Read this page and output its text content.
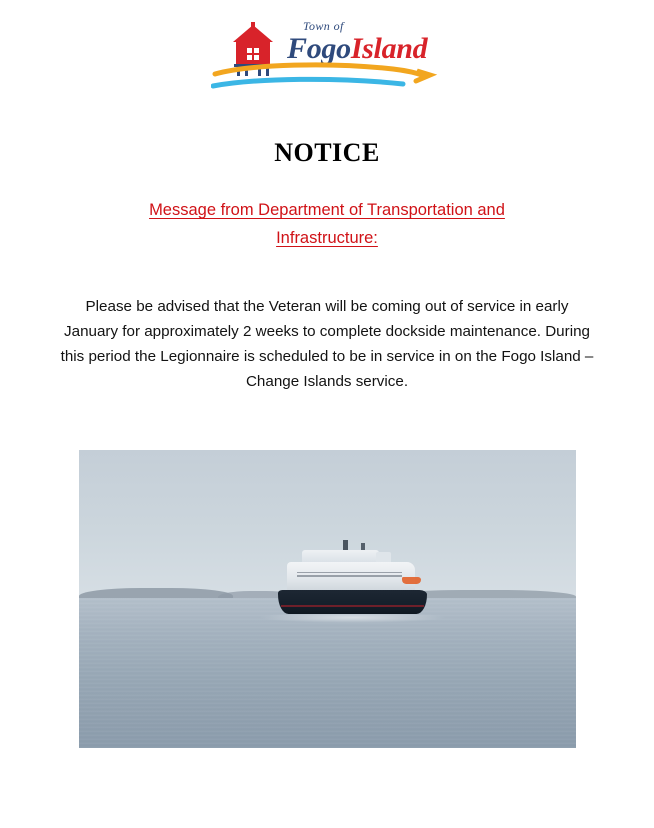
Town of
FogoIsland
NOTICE
Message from Department of Transportation and
Infrastructure:
Please be advised that the Veteran will be coming out of service in early January for approximately 2 weeks to complete dockside maintenance. During this period the Legionnaire is scheduled to be in service in on the Fogo Island – Change Islands service.
